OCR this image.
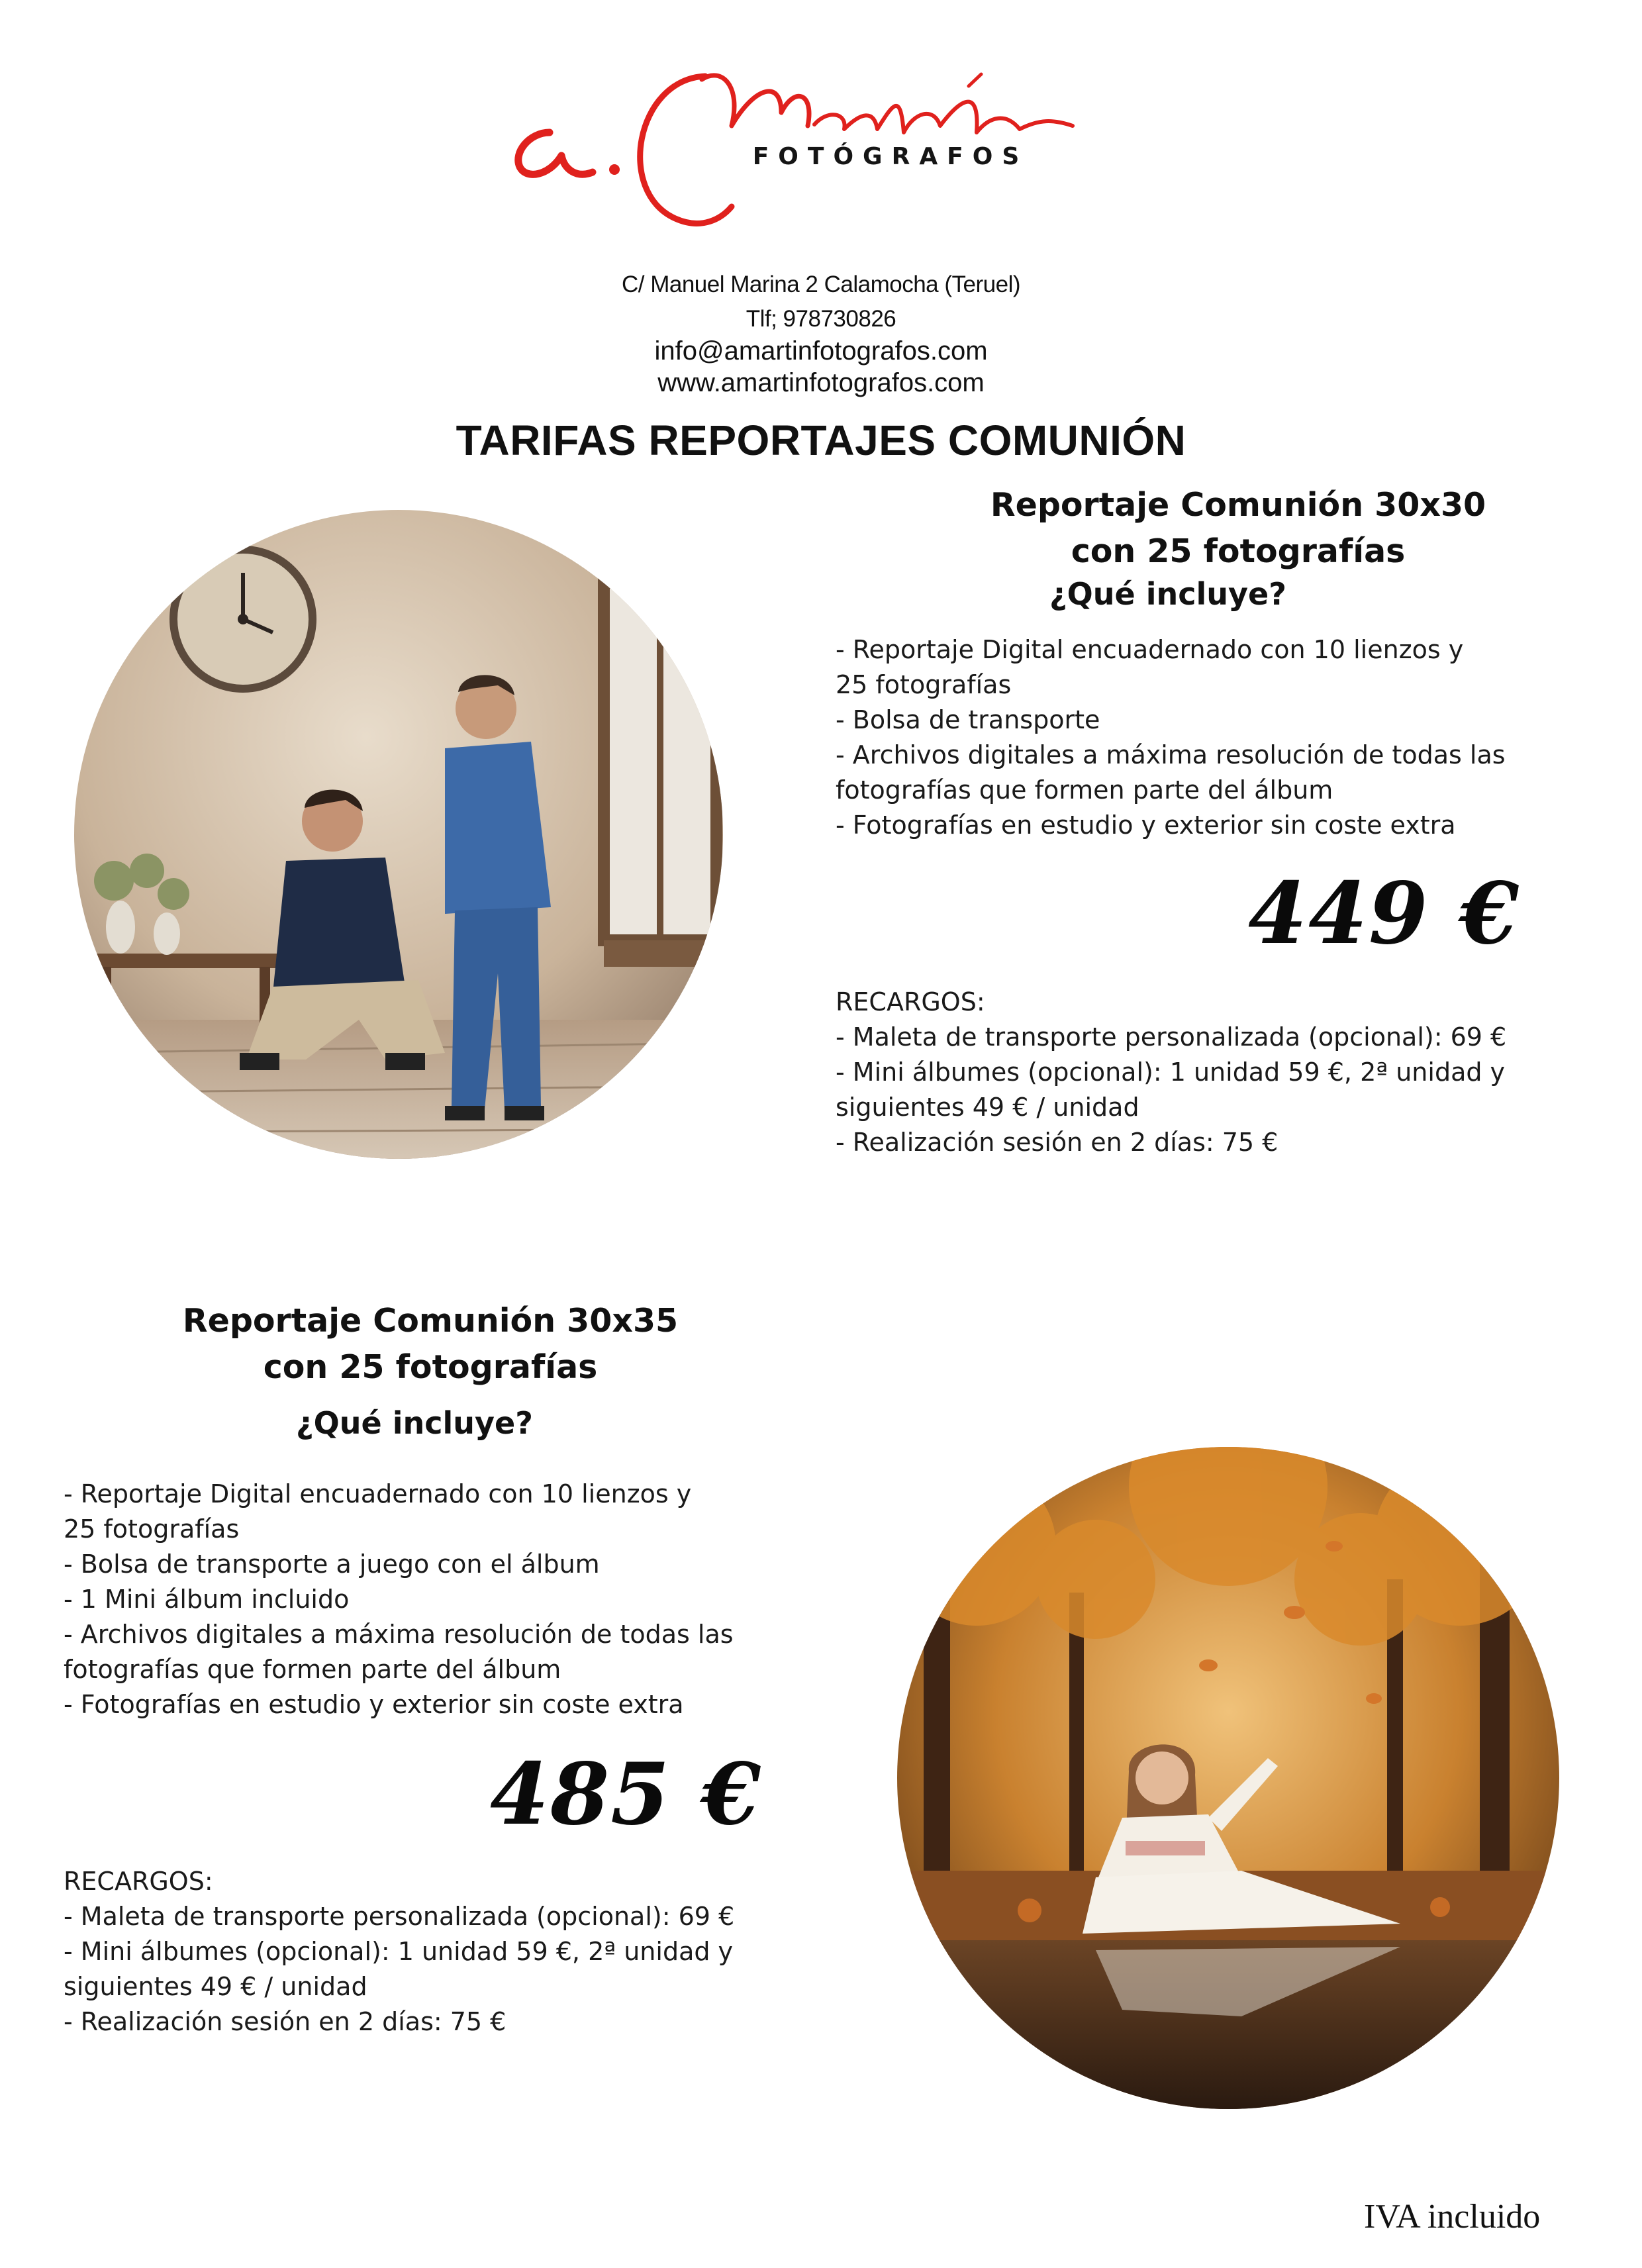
FOTÓGRAFOS
C/ Manuel Marina 2 Calamocha (Teruel)
Tlf; 978730826
info@amartinfotografos.com
www.amartinfotografos.com
TARIFAS REPORTAJES COMUNIÓN
Reportaje Comunión 30x30
con 25 fotografías
¿Qué incluye?
- Reportaje Digital encuadernado con 10 lienzos y
25 fotografías
- Bolsa de transporte
- Archivos digitales a máxima resolución de todas las
fotografías que formen parte del álbum
- Fotografías en estudio y exterior sin coste extra
449 €
RECARGOS:
- Maleta de transporte personalizada (opcional): 69 €
- Mini álbumes (opcional): 1 unidad 59 €, 2ª unidad y
siguientes 49 € / unidad
- Realización sesión en 2 días: 75 €
Reportaje Comunión 30x35
con 25 fotografías
¿Qué incluye?
- Reportaje Digital encuadernado con 10 lienzos y
25 fotografías
- Bolsa de transporte a juego con el álbum
- 1 Mini álbum incluido
- Archivos digitales a máxima resolución de todas las
fotografías que formen parte del álbum
- Fotografías en estudio y exterior sin coste extra
485 €
RECARGOS:
- Maleta de transporte personalizada (opcional): 69 €
- Mini álbumes (opcional): 1 unidad 59 €, 2ª unidad y
siguientes 49 € / unidad
- Realización sesión en 2 días: 75 €
IVA incluido
